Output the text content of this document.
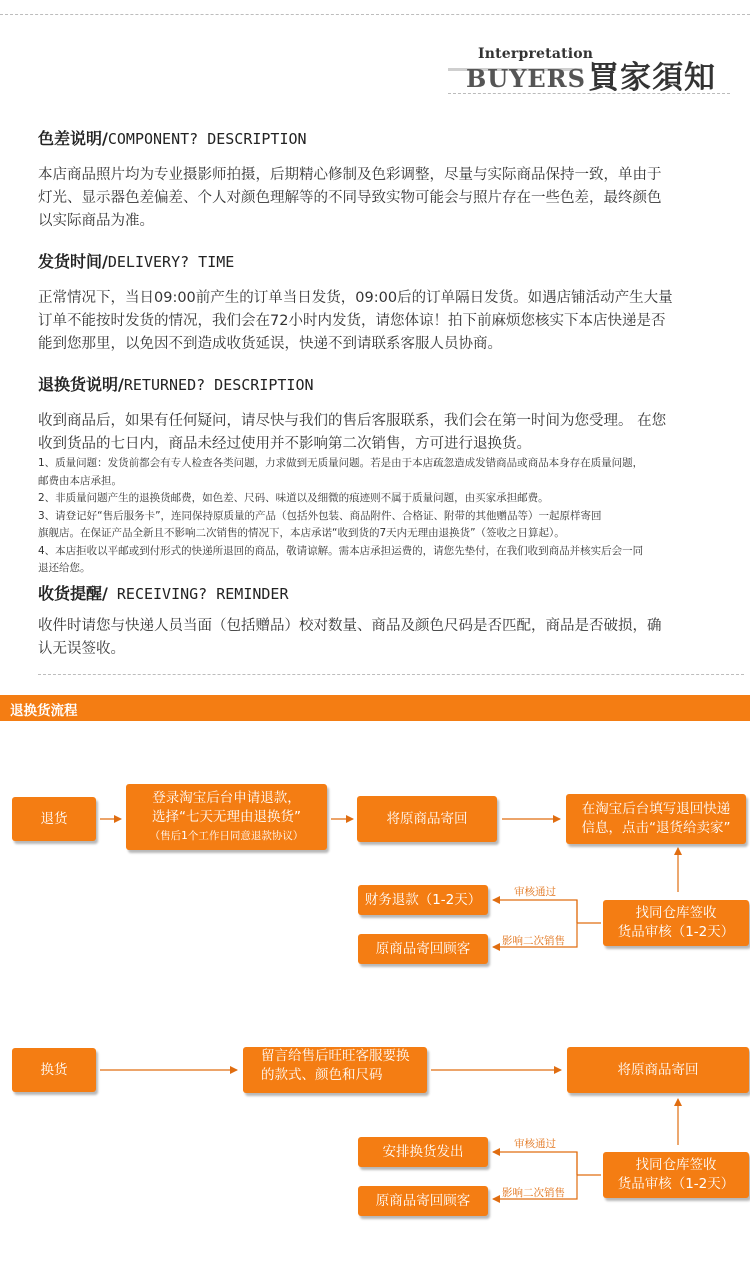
Interpretation
BUYERS 買家須知
色差说明/COMPONENT? DESCRIPTION
本店商品照片均为专业摄影师拍摄，后期精心修制及色彩调整，尽量与实际商品保持一致，单由于
灯光、显示器色差偏差、个人对颜色理解等的不同导致实物可能会与照片存在一些色差，最终颜色
以实际商品为准。
发货时间/DELIVERY? TIME
正常情况下，当日09:00前产生的订单当日发货，09:00后的订单隔日发货。如遇店铺活动产生大量
订单不能按时发货的情况，我们会在72小时内发货，请您体谅！拍下前麻烦您核实下本店快递是否
能到您那里，以免因不到造成收货延误，快递不到请联系客服人员协商。
退换货说明/RETURNED? DESCRIPTION
收到商品后，如果有任何疑问，请尽快与我们的售后客服联系，我们会在第一时间为您受理。 在您
收到货品的七日内，商品未经过使用并不影响第二次销售，方可进行退换货。
1、质量问题：发货前都会有专人检查各类问题，力求做到无质量问题。若是由于本店疏忽造成发错商品或商品本身存在质量问题，
邮费由本店承担。
2、非质量问题产生的退换货邮费，如色差、尺码、味道以及细微的痕迹则不属于质量问题，由买家承担邮费。
3、请登记好“售后服务卡”，连同保持原质量的产品（包括外包装、商品附件、合格证、附带的其他赠品等）一起原样寄回
旗舰店。在保证产品全新且不影响二次销售的情况下，本店承诺“收到货的7天内无理由退换货”（签收之日算起）。
4、本店拒收以平邮或到付形式的快递所退回的商品，敬请谅解。需本店承担运费的，请您先垫付，在我们收到商品并核实后会一同
退还给您。
收货提醒/ RECEIVING? REMINDER
收件时请您与快递人员当面（包括赠品）校对数量、商品及颜色尺码是否匹配，商品是否破损，确
认无误签收。
退换货流程
退货
登录淘宝后台申请退款，
选择“七天无理由退换货”
（售后1个工作日同意退款协议）
将原商品寄回
在淘宝后台填写退回快递
信息，点击“退货给卖家”
找同仓库签收
货品审核（1-2天）
财务退款（1-2天）
原商品寄回顾客
审核通过
影响二次销售
换货
留言给售后旺旺客服要换
的款式、颜色和尺码	将原商品寄回
找同仓库签收
货品审核（1-2天）
安排换货发出
原商品寄回顾客
审核通过
影响二次销售
